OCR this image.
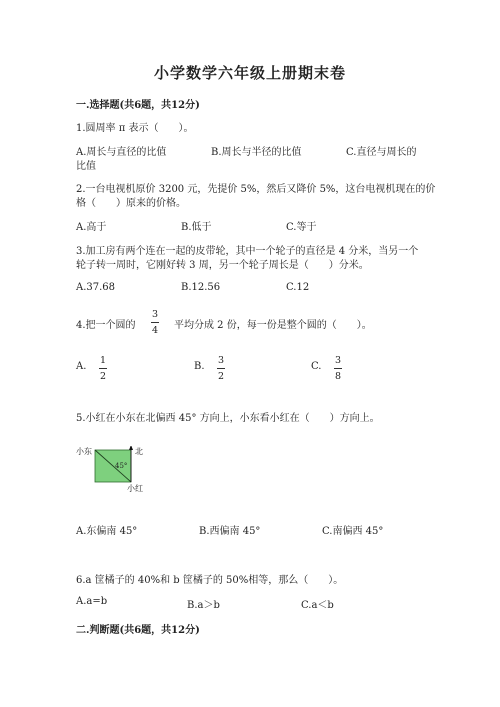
小学数学六年级上册期末卷
一.选择题(共6题，共12分)
1.圆周率 π 表示（　　）。
A.周长与直径的比值	B.周长与半径的比值	C.直径与周长的
比值
2.一台电视机原价 3200 元，先提价 5%，然后又降价 5%，这台电视机现在的价
格（　　）原来的价格。
A.高于	B.低于	C.等于
3.加工房有两个连在一起的皮带轮，其中一个轮子的直径是 4 分米，当另一个
轮子转一周时，它刚好转 3 周，另一个轮子周长是（　　）分米。
A.37.68	B.12.56	C.12
4.把一个圆的
3
4 平均分成 2 份，每一份是整个圆的（　　）。
A.
1
2
B.
3
2
C.
3
8
5.小红在小东在北偏西 45° 方向上，小东看小红在（　　）方向上。
小东	北
45°
小红
A.东偏南 45°	B.西偏南 45°	C.南偏西 45°
6.a 筐橘子的 40%和 b 筐橘子的 50%相等，那么（　　）。
A.a=b	B.a＞b	C.a＜b
二.判断题(共6题，共12分)
